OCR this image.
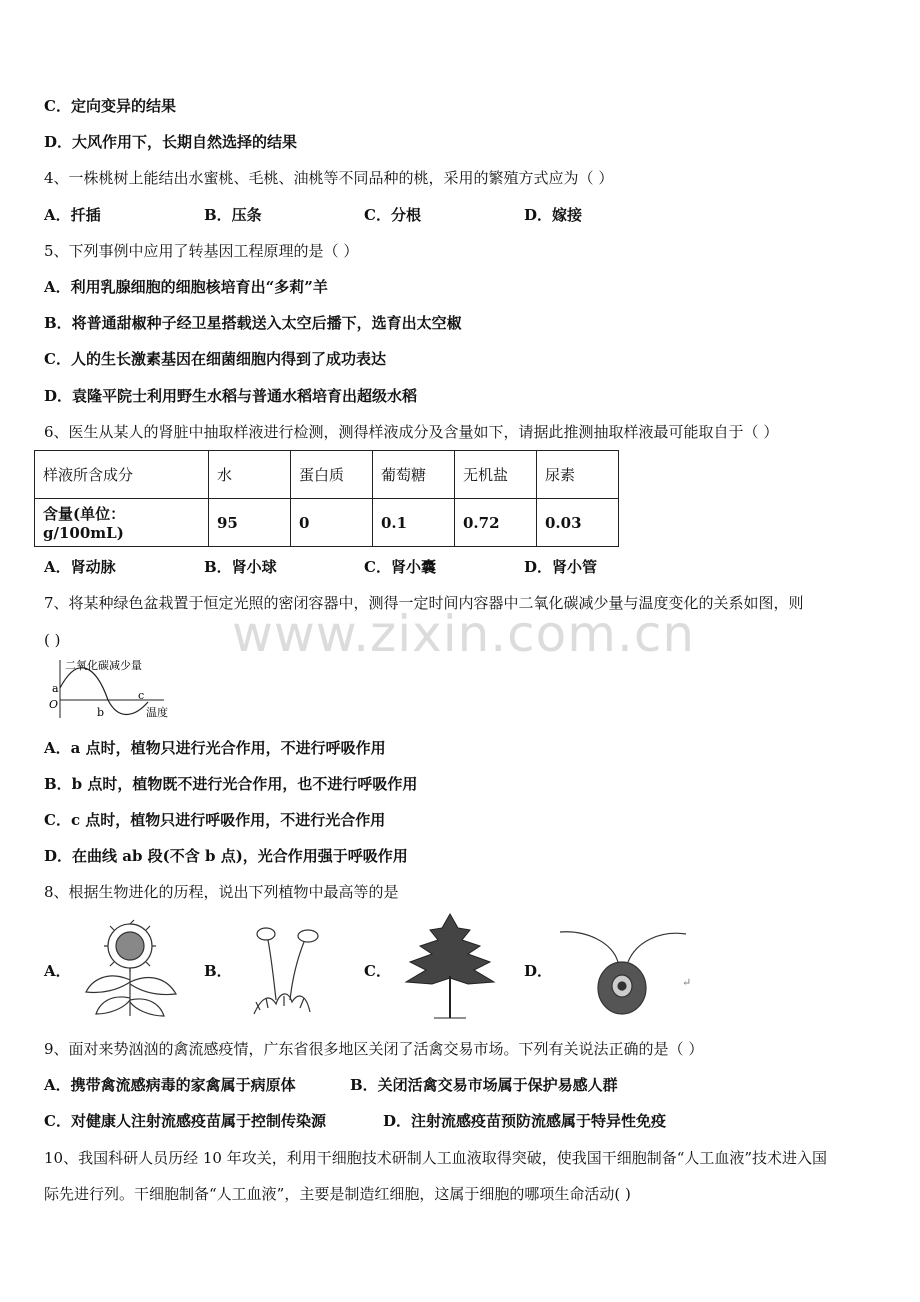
www.zixin.com.cn
C．定向变异的结果
D．大风作用下，长期自然选择的结果
4、一株桃树上能结出水蜜桃、毛桃、油桃等不同品种的桃，采用的繁殖方式应为（ ）
A．扦插	B．压条	C．分根	D．嫁接
5、下列事例中应用了转基因工程原理的是（ ）
A．利用乳腺细胞的细胞核培育出“多莉”羊
B．将普通甜椒种子经卫星搭载送入太空后播下，选育出太空椒
C．人的生长激素基因在细菌细胞内得到了成功表达
D．袁隆平院士利用野生水稻与普通水稻培育出超级水稻
6、医生从某人的肾脏中抽取样液进行检测，测得样液成分及含量如下，请据此推测抽取样液最可能取自于（ ）
样液所含成分	水	蛋白质	葡萄糖	无机盐	尿素
含量(单位：g/100mL)	95	0	0.1	0.72	0.03
A．肾动脉	B．肾小球	C．肾小囊	D．肾小管
7、将某种绿色盆栽置于恒定光照的密闭容器中，测得一定时间内容器中二氧化碳减少量与温度变化的关系如图，则
( )
二氧化碳减少量
温度
O
a
b
c
A．a 点时，植物只进行光合作用，不进行呼吸作用
B．b 点时，植物既不进行光合作用，也不进行呼吸作用
C．c 点时，植物只进行呼吸作用，不进行光合作用
D．在曲线 ab 段(不含 b 点)，光合作用强于呼吸作用
8、根据生物进化的历程，说出下列植物中最高等的是
A．	B．	C．	D．
↵
9、面对来势汹汹的禽流感疫情，广东省很多地区关闭了活禽交易市场。下列有关说法正确的是（ ）
A．携带禽流感病毒的家禽属于病原体	B．关闭活禽交易市场属于保护易感人群
C．对健康人注射流感疫苗属于控制传染源	D．注射流感疫苗预防流感属于特异性免疫
10、我国科研人员历经 10 年攻关，利用干细胞技术研制人工血液取得突破，使我国干细胞制备“人工血液”技术进入国
际先进行列。干细胞制备“人工血液”，主要是制造红细胞，这属于细胞的哪项生命活动( )
